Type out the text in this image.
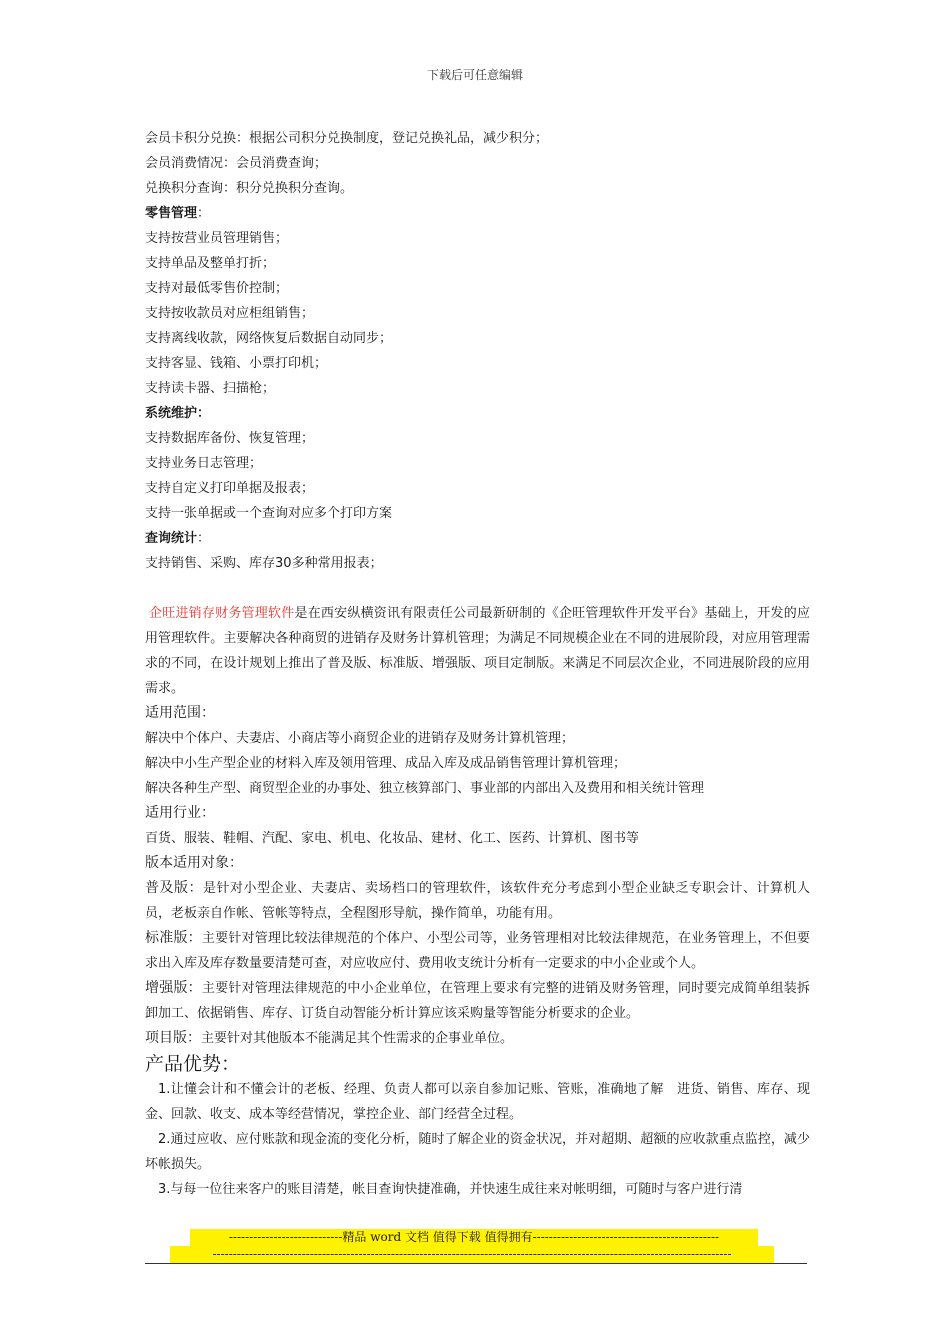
下载后可任意编辑
会员卡积分兑换：根据公司积分兑换制度，登记兑换礼品，减少积分；
会员消费情况：会员消费查询；
兑换积分查询：积分兑换积分查询。
零售管理：
支持按营业员管理销售；
支持单品及整单打折；
支持对最低零售价控制；
支持按收款员对应柜组销售；
支持离线收款，网络恢复后数据自动同步；
支持客显、钱箱、小票打印机；
支持读卡器、扫描枪；
系统维护：
支持数据库备份、恢复管理；
支持业务日志管理；
支持自定义打印单据及报表；
支持一张单据或一个查询对应多个打印方案
查询统计：
支持销售、采购、库存30多种常用报表；
企旺进销存财务管理软件是在西安纵横资讯有限责任公司最新研制的《企旺管理软件开发平台》基础上，开发的应用管理软件。主要解决各种商贸的进销存及财务计算机管理；为满足不同规模企业在不同的进展阶段，对应用管理需求的不同，在设计规划上推出了普及版、标准版、增强版、项目定制版。来满足不同层次企业，不同进展阶段的应用需求。
适用范围：
解决中个体户、夫妻店、小商店等小商贸企业的进销存及财务计算机管理；
解决中小生产型企业的材料入库及领用管理、成品入库及成品销售管理计算机管理；
解决各种生产型、商贸型企业的办事处、独立核算部门、事业部的内部出入及费用和相关统计管理
适用行业：
百货、服装、鞋帽、汽配、家电、机电、化妆品、建材、化工、医药、计算机、图书等
版本适用对象：
普及版：是针对小型企业、夫妻店、卖场档口的管理软件，该软件充分考虑到小型企业缺乏专职会计、计算机人员，老板亲自作帐、管帐等特点，全程图形导航，操作简单，功能有用。
标准版：主要针对管理比较法律规范的个体户、小型公司等，业务管理相对比较法律规范，在业务管理上，不但要求出入库及库存数量要清楚可查，对应收应付、费用收支统计分析有一定要求的中小企业或个人。
增强版：主要针对管理法律规范的中小企业单位，在管理上要求有完整的进销及财务管理，同时要完成简单组装拆卸加工、依据销售、库存、订货自动智能分析计算应该采购量等智能分析要求的企业。
项目版：主要针对其他版本不能满足其个性需求的企事业单位。
产品优势：
1.让懂会计和不懂会计的老板、经理、负责人都可以亲自参加记账、管账，准确地了解　进货、销售、库存、现金、回款、收支、成本等经营情况，掌控企业、部门经营全过程。
2.通过应收、应付账款和现金流的变化分析，随时了解企业的资金状况，并对超期、超额的应收款重点监控，减少坏帐损失。
3.与每一位往来客户的账目清楚，帐目查询快捷准确，并快速生成往来对帐明细，可随时与客户进行清
----------------------------精品 word 文档 值得下载 值得拥有----------------------------------------------
--------------------------------------------------------------------------------------------------------------------------------
